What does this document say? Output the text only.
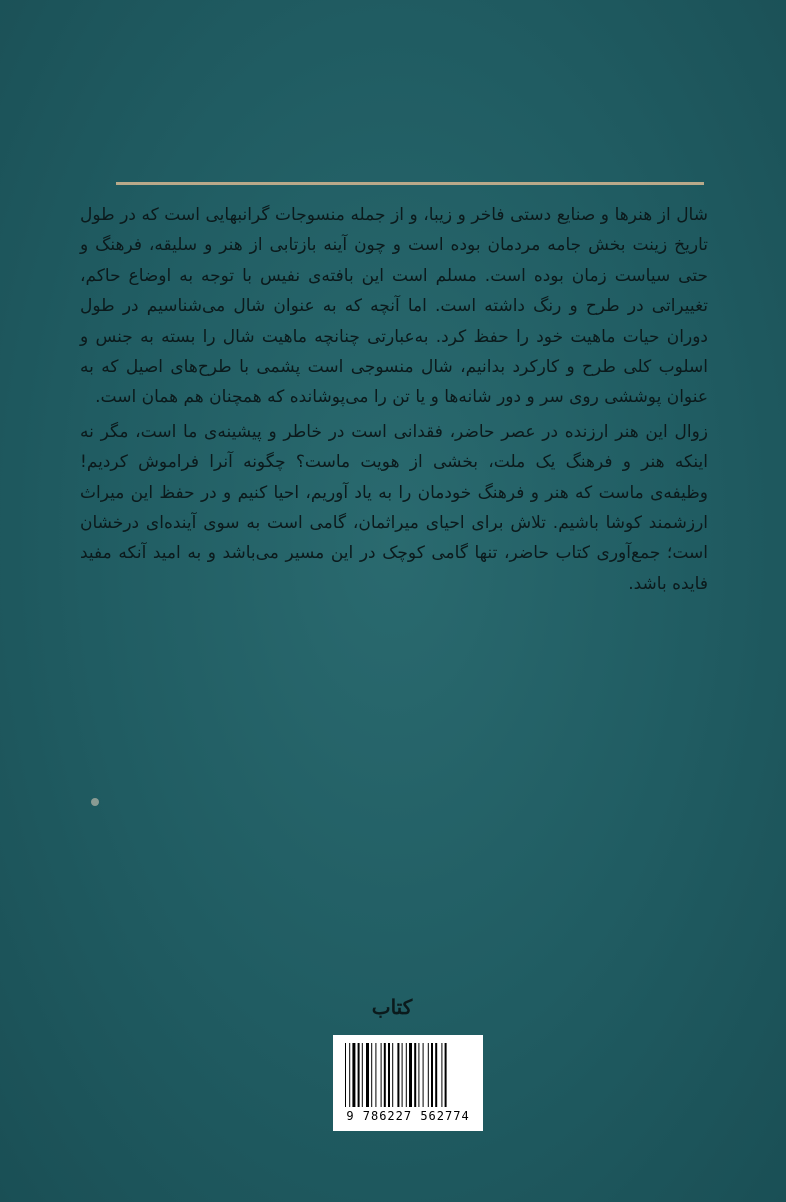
شال از هنرها و صنایع دستی فاخر و زیبا، و از جمله منسوجات گرانبهایی است که در طول تاریخ زینت بخش جامه مردمان بوده است و چون آینه بازتابی از هنر و سلیقه، فرهنگ و حتی سیاست زمان بوده است. مسلم است این بافته‌ی نفیس با توجه به اوضاع حاکم، تغییراتی در طرح و رنگ داشته است. اما آنچه که به عنوان شال می‌شناسیم در طول دوران حیات ماهیت خود را حفظ کرد. به‌عبارتی چنانچه ماهیت شال را بسته به جنس و اسلوب کلی طرح و کارکرد بدانیم، شال منسوجی است پشمی با طرح‌های اصیل که به عنوان پوششی روی سر و دور شانه‌ها و یا تن را می‌پوشانده که همچنان هم همان است.

زوال این هنر ارزنده در عصر حاضر، فقدانی است در خاطر و پیشینه‌ی ما است، مگر نه اینکه هنر و فرهنگ یک ملت، بخشی از هویت ماست؟ چگونه آنرا فراموش کردیم! وظیفه‌ی ماست که هنر و فرهنگ خودمان را به یاد آوریم، احیا کنیم و در حفظ این میراث ارزشمند کوشا باشیم. تلاش برای احیای میراثمان، گامی است به سوی آینده‌ای درخشان است؛ جمع‌آوری کتاب حاضر، تنها گامی کوچک در این مسیر می‌باشد و به امید آنکه مفید فایده باشد.

کتاب
9 786227 562774
